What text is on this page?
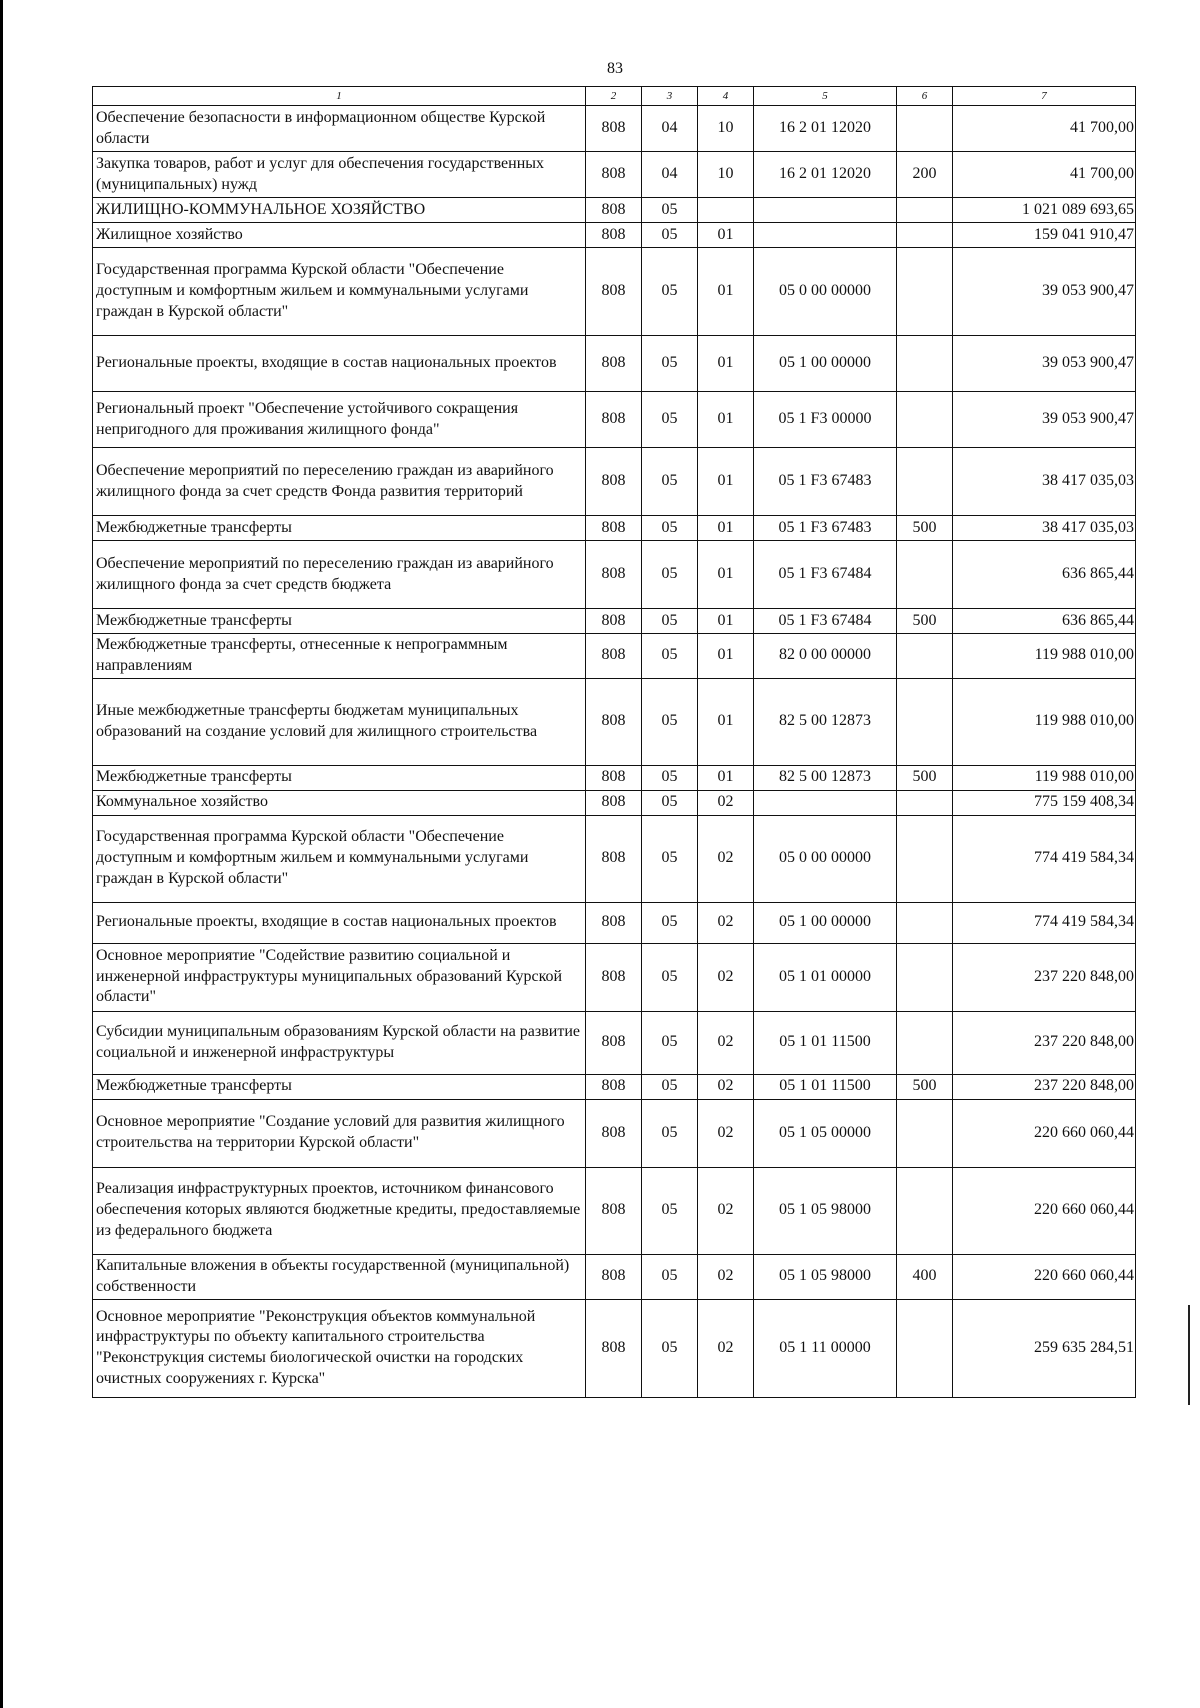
83
1	2	3	4	5	6	7
Обеспечение безопасности в информационном обществе Курской области	808	04	10	16 2 01 12020		41 700,00
Закупка товаров, работ и услуг для обеспечения государственных (муниципальных) нужд	808	04	10	16 2 01 12020	200	41 700,00
ЖИЛИЩНО-КОММУНАЛЬНОЕ ХОЗЯЙСТВО	808	05				1 021 089 693,65
Жилищное хозяйство	808	05	01			159 041 910,47
Государственная программа Курской области "Обеспечение доступным и комфортным жильем и коммунальными услугами граждан в Курской области"	808	05	01	05 0 00 00000		39 053 900,47
Региональные проекты, входящие в состав национальных проектов	808	05	01	05 1 00 00000		39 053 900,47
Региональный проект "Обеспечение устойчивого сокращения непригодного для проживания жилищного фонда"	808	05	01	05 1 F3 00000		39 053 900,47
Обеспечение мероприятий по переселению граждан из аварийного жилищного фонда за счет средств Фонда развития территорий	808	05	01	05 1 F3 67483		38 417 035,03
Межбюджетные трансферты	808	05	01	05 1 F3 67483	500	38 417 035,03
Обеспечение мероприятий по переселению граждан из аварийного жилищного фонда за счет средств бюджета	808	05	01	05 1 F3 67484		636 865,44
Межбюджетные трансферты	808	05	01	05 1 F3 67484	500	636 865,44
Межбюджетные трансферты, отнесенные к непрограммным направлениям	808	05	01	82 0 00 00000		119 988 010,00
Иные межбюджетные трансферты бюджетам муниципальных образований на создание условий для жилищного строительства	808	05	01	82 5 00 12873		119 988 010,00
Межбюджетные трансферты	808	05	01	82 5 00 12873	500	119 988 010,00
Коммунальное хозяйство	808	05	02			775 159 408,34
Государственная программа Курской области "Обеспечение доступным и комфортным жильем и коммунальными услугами граждан в Курской области"	808	05	02	05 0 00 00000		774 419 584,34
Региональные проекты, входящие в состав национальных проектов	808	05	02	05 1 00 00000		774 419 584,34
Основное мероприятие "Содействие развитию социальной и инженерной инфраструктуры муниципальных образований Курской области"	808	05	02	05 1 01 00000		237 220 848,00
Субсидии муниципальным образованиям Курской области на развитие социальной и инженерной инфраструктуры	808	05	02	05 1 01 11500		237 220 848,00
Межбюджетные трансферты	808	05	02	05 1 01 11500	500	237 220 848,00
Основное мероприятие "Создание условий для развития жилищного строительства на территории Курской области"	808	05	02	05 1 05 00000		220 660 060,44
Реализация инфраструктурных проектов, источником финансового обеспечения которых являются бюджетные кредиты, предоставляемые из федерального бюджета	808	05	02	05 1 05 98000		220 660 060,44
Капитальные вложения в объекты государственной (муниципальной) собственности	808	05	02	05 1 05 98000	400	220 660 060,44
Основное мероприятие "Реконструкция объектов коммунальной инфраструктуры по объекту капитального строительства "Реконструкция системы биологической очистки на городских очистных сооружениях г. Курска"	808	05	02	05 1 11 00000		259 635 284,51
